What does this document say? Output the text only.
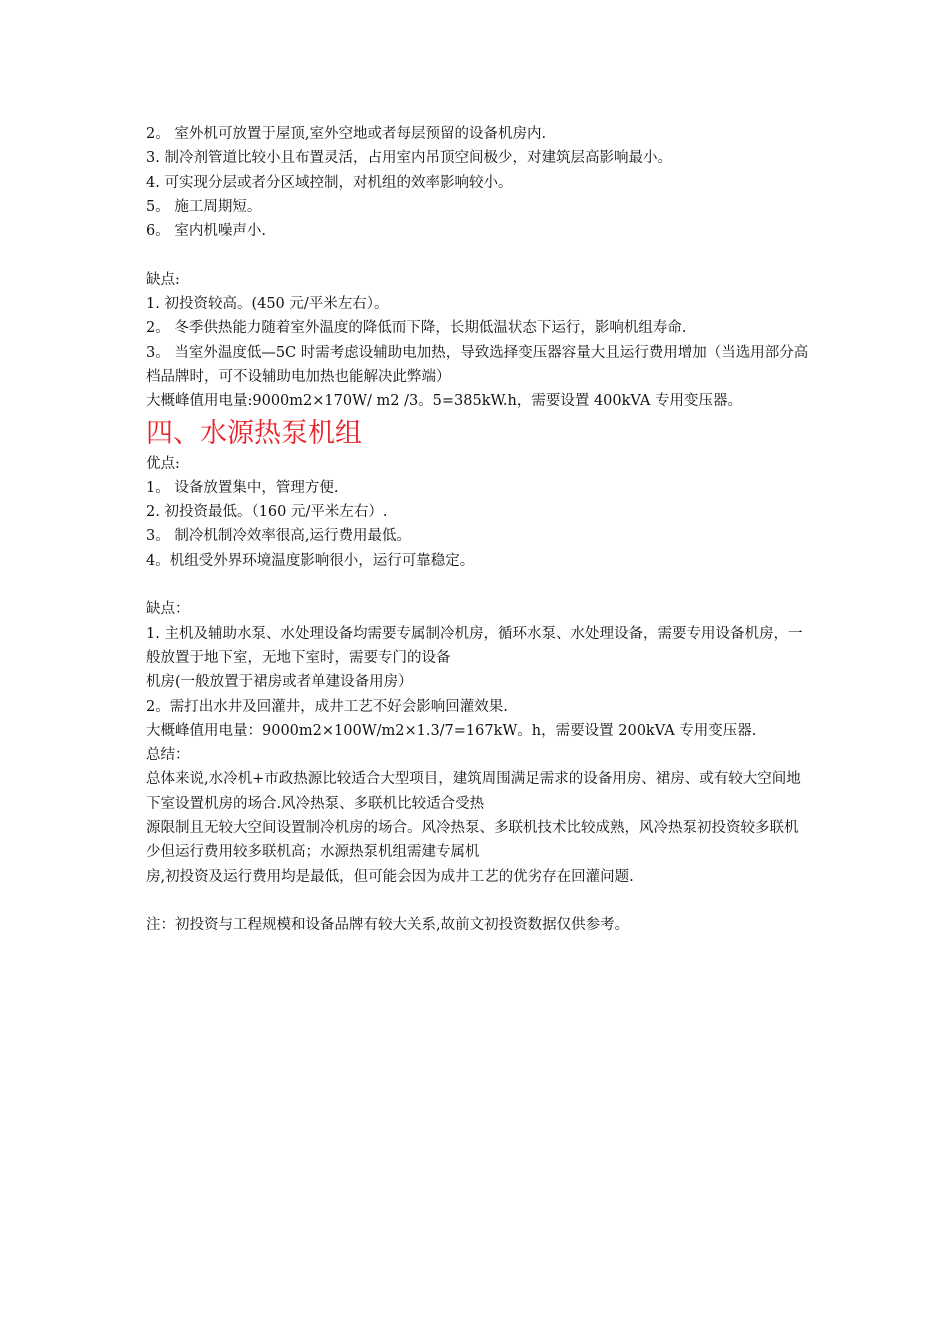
2。 室外机可放置于屋顶,室外空地或者每层预留的设备机房内.
3. 制冷剂管道比较小且布置灵活，占用室内吊顶空间极少，对建筑层高影响最小。
4. 可实现分层或者分区域控制，对机组的效率影响较小。
5。 施工周期短。
6。 室内机噪声小.
缺点:
1. 初投资较高。(450 元/平米左右）。
2。 冬季供热能力随着室外温度的降低而下降，长期低温状态下运行，影响机组寿命.
3。 当室外温度低—5C 时需考虑设辅助电加热，导致选择变压器容量大且运行费用增加（当选用部分高档品牌时，可不设辅助电加热也能解决此弊端）
大概峰值用电量:9000m2×170W/ m2 /3。5=385kW.h，需要设置 400kVA 专用变压器。
四、水源热泵机组
优点:
1。 设备放置集中，管理方便.
2. 初投资最低。（160 元/平米左右）.
3。 制冷机制冷效率很高,运行费用最低。
4。机组受外界环境温度影响很小，运行可靠稳定。
缺点：
1. 主机及辅助水泵、水处理设备均需要专属制冷机房，循环水泵、水处理设备，需要专用设备机房，一般放置于地下室，无地下室时，需要专门的设备
机房(一般放置于裙房或者单建设备用房）
2。需打出水井及回灌井，成井工艺不好会影响回灌效果.
大概峰值用电量：9000m2×100W/m2×1.3/7=167kW。h，需要设置 200kVA 专用变压器.
总结：
总体来说,水冷机+市政热源比较适合大型项目，建筑周围满足需求的设备用房、裙房、或有较大空间地下室设置机房的场合.风冷热泵、多联机比较适合受热
源限制且无较大空间设置制冷机房的场合。风冷热泵、多联机技术比较成熟，风冷热泵初投资较多联机少但运行费用较多联机高；水源热泵机组需建专属机
房,初投资及运行费用均是最低，但可能会因为成井工艺的优劣存在回灌问题.
注：初投资与工程规模和设备品牌有较大关系,故前文初投资数据仅供参考。
